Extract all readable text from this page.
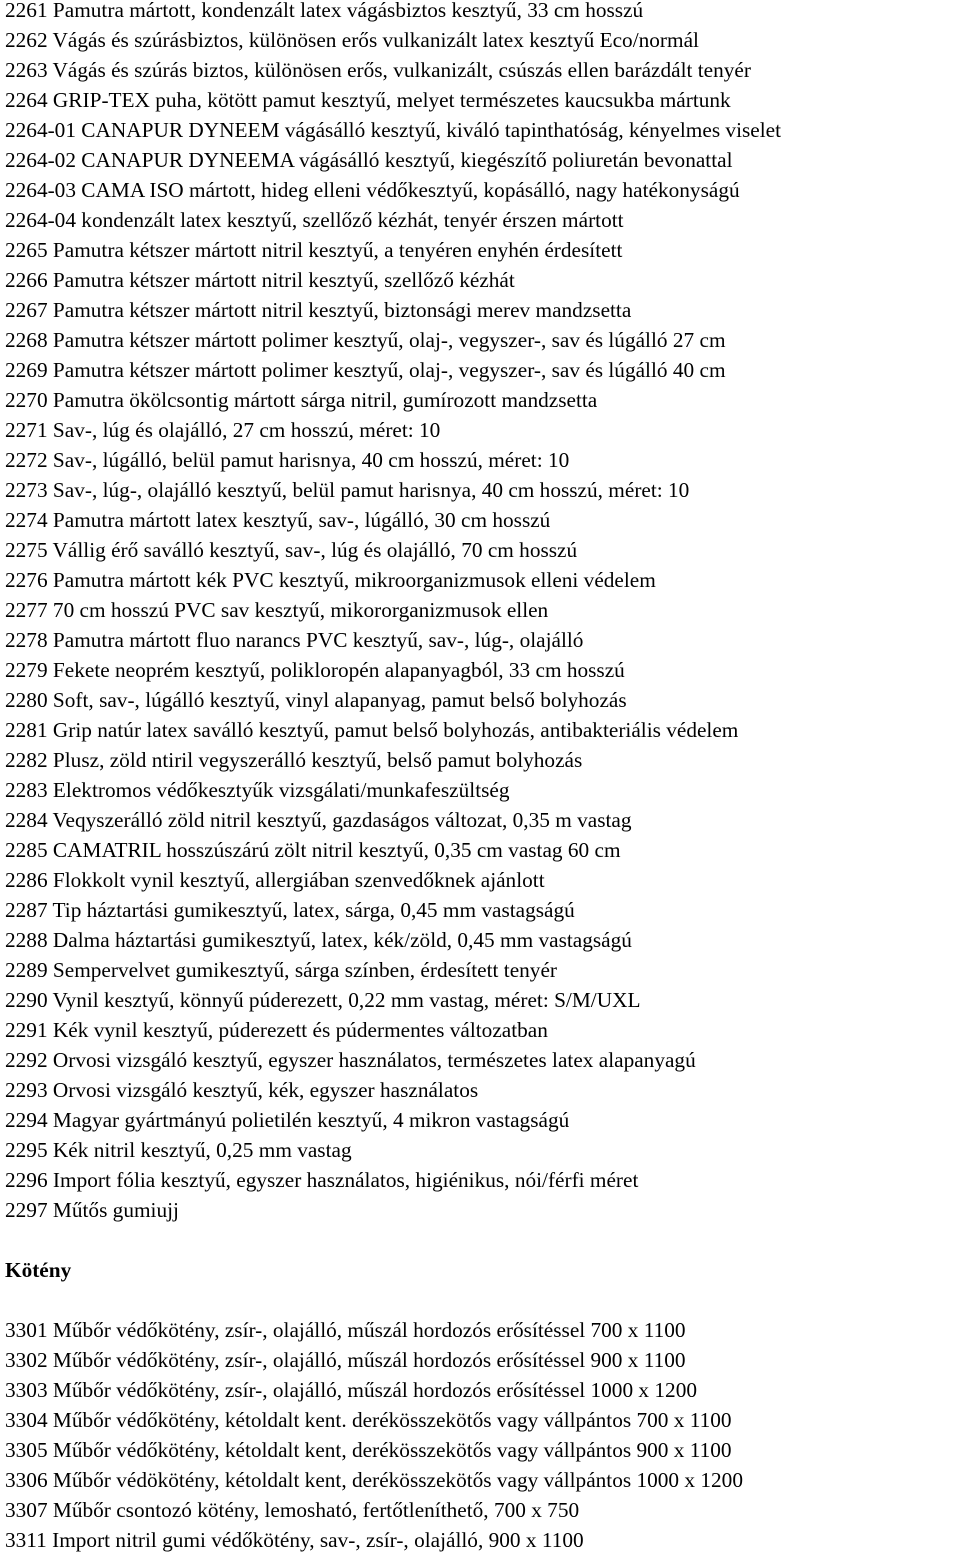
2261 Pamutra mártott, kondenzált latex vágásbiztos kesztyű, 33 cm hosszú
2262 Vágás és szúrásbiztos, különösen erős vulkanizált latex kesztyű Eco/normál
2263 Vágás és szúrás biztos, különösen erős, vulkanizált, csúszás ellen barázdált tenyér
2264 GRIP-TEX puha, kötött pamut kesztyű, melyet természetes kaucsukba mártunk
2264-01 CANAPUR DYNEEM vágásálló kesztyű, kiváló tapinthatóság, kényelmes viselet
2264-02 CANAPUR DYNEEMA vágásálló kesztyű, kiegészítő poliuretán bevonattal
2264-03 CAMA ISO mártott, hideg elleni védőkesztyű, kopásálló, nagy hatékonyságú
2264-04 kondenzált latex kesztyű, szellőző kézhát, tenyér érszen mártott
2265 Pamutra kétszer mártott nitril kesztyű, a tenyéren enyhén érdesített
2266 Pamutra kétszer mártott nitril kesztyű, szellőző kézhát
2267 Pamutra kétszer mártott nitril kesztyű, biztonsági merev mandzsetta
2268 Pamutra kétszer mártott polimer kesztyű, olaj-, vegyszer-, sav és lúgálló 27 cm
2269 Pamutra kétszer mártott polimer kesztyű, olaj-, vegyszer-, sav és lúgálló 40 cm
2270 Pamutra ökölcsontig mártott sárga nitril, gumírozott mandzsetta
2271 Sav-, lúg és olajálló, 27 cm hosszú, méret: 10
2272 Sav-, lúgálló, belül pamut harisnya, 40 cm hosszú, méret: 10
2273 Sav-, lúg-, olajálló kesztyű, belül pamut harisnya, 40 cm hosszú, méret: 10
2274 Pamutra mártott latex kesztyű, sav-, lúgálló, 30 cm hosszú
2275 Vállig érő saválló kesztyű, sav-, lúg és olajálló, 70 cm hosszú
2276 Pamutra mártott kék PVC kesztyű, mikroorganizmusok elleni védelem
2277 70 cm hosszú PVC sav kesztyű, mikororganizmusok ellen
2278 Pamutra mártott fluo narancs PVC kesztyű, sav-, lúg-, olajálló
2279 Fekete neoprém kesztyű, polikloropén alapanyagból, 33 cm hosszú
2280 Soft, sav-, lúgálló kesztyű, vinyl alapanyag, pamut belső bolyhozás
2281 Grip natúr latex saválló kesztyű, pamut belső bolyhozás, antibakteriális védelem
2282 Plusz, zöld ntiril vegyszerálló kesztyű, belső pamut bolyhozás
2283 Elektromos védőkesztyűk vizsgálati/munkafeszültség
2284 Veqyszerálló zöld nitril kesztyű, gazdaságos változat, 0,35 m vastag
2285 CAMATRIL hosszúszárú zölt nitril kesztyű, 0,35 cm vastag 60 cm
2286 Flokkolt vynil kesztyű, allergiában szenvedőknek ajánlott
2287 Tip háztartási gumikesztyű, latex, sárga, 0,45 mm vastagságú
2288 Dalma háztartási gumikesztyű, latex, kék/zöld, 0,45 mm vastagságú
2289 Sempervelvet gumikesztyű, sárga színben, érdesített tenyér
2290 Vynil kesztyű, könnyű púderezett, 0,22 mm vastag, méret: S/M/UXL
2291 Kék vynil kesztyű, púderezett és púdermentes változatban
2292 Orvosi vizsgáló kesztyű, egyszer használatos, természetes latex alapanyagú
2293 Orvosi vizsgáló kesztyű, kék, egyszer használatos
2294 Magyar gyártmányú polietilén kesztyű, 4 mikron vastagságú
2295 Kék nitril kesztyű, 0,25 mm vastag
2296 Import fólia kesztyű, egyszer használatos, higiénikus, nói/férfi méret
2297 Műtős gumiujj
Kötény
3301 Műbőr védőkötény, zsír-, olajálló, műszál hordozós erősítéssel 700 x 1100
3302 Műbőr védőkötény, zsír-, olajálló, műszál hordozós erősítéssel 900 x 1100
3303 Műbőr védőkötény, zsír-, olajálló, műszál hordozós erősítéssel 1000 x 1200
3304 Műbőr védőkötény, kétoldalt kent. derékösszekötős vagy vállpántos 700 x 1100
3305 Műbőr védőkötény, kétoldalt kent, derékösszekötős vagy vállpántos 900 x 1100
3306 Műbőr védökötény, kétoldalt kent, derékösszekötős vagy vállpántos 1000 x 1200
3307 Műbőr csontozó kötény, lemosható, fertőtleníthető, 700 x 750
3311 Import nitril gumi védőkötény, sav-, zsír-, olajálló, 900 x 1100
